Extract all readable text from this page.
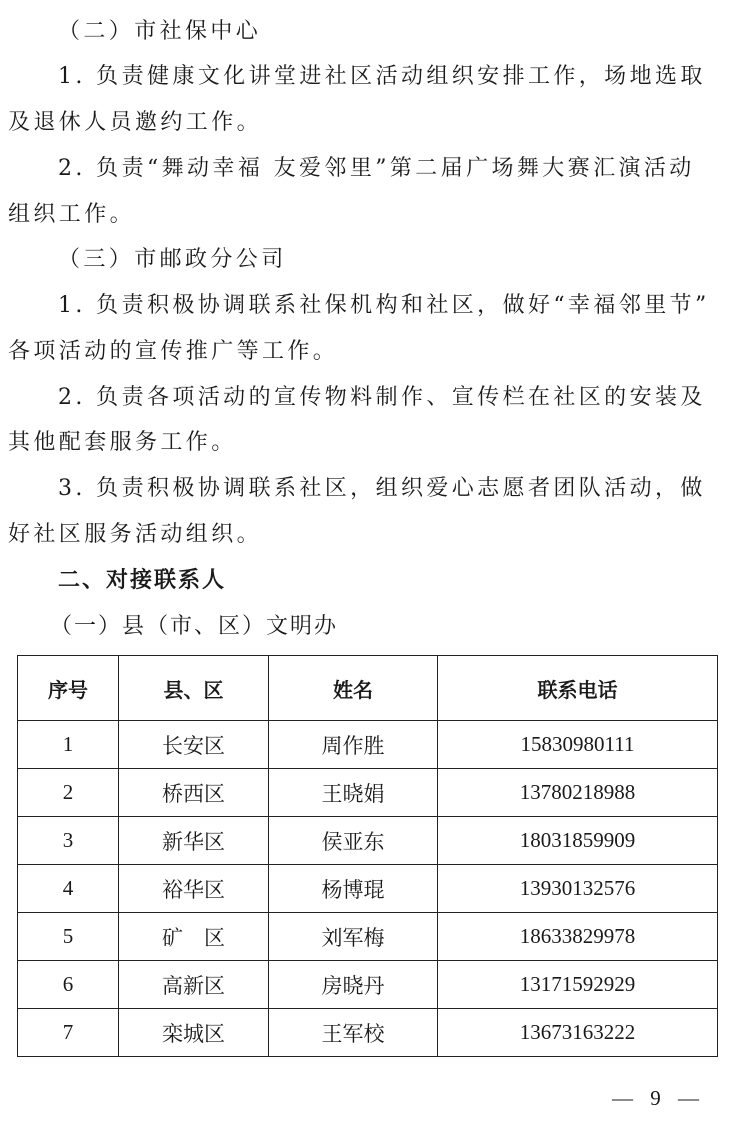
（二）市社保中心
1. 负责健康文化讲堂进社区活动组织安排工作，场地选取
及退休人员邀约工作。
2. 负责“舞动幸福 友爱邻里”第二届广场舞大赛汇演活动
组织工作。
（三）市邮政分公司
1. 负责积极协调联系社保机构和社区，做好“幸福邻里节”
各项活动的宣传推广等工作。
2. 负责各项活动的宣传物料制作、宣传栏在社区的安装及
其他配套服务工作。
3. 负责积极协调联系社区，组织爱心志愿者团队活动，做
好社区服务活动组织。
二、对接联系人
（一）县（市、区）文明办
序号	县、区	姓名	联系电话
1	长安区	周作胜	15830980111
2	桥西区	王晓娟	13780218988
3	新华区	侯亚东	18031859909
4	裕华区	杨博琨	13930132576
5	矿　区	刘军梅	18633829978
6	高新区	房晓丹	13171592929
7	栾城区	王军校	13673163222
— 9 —
